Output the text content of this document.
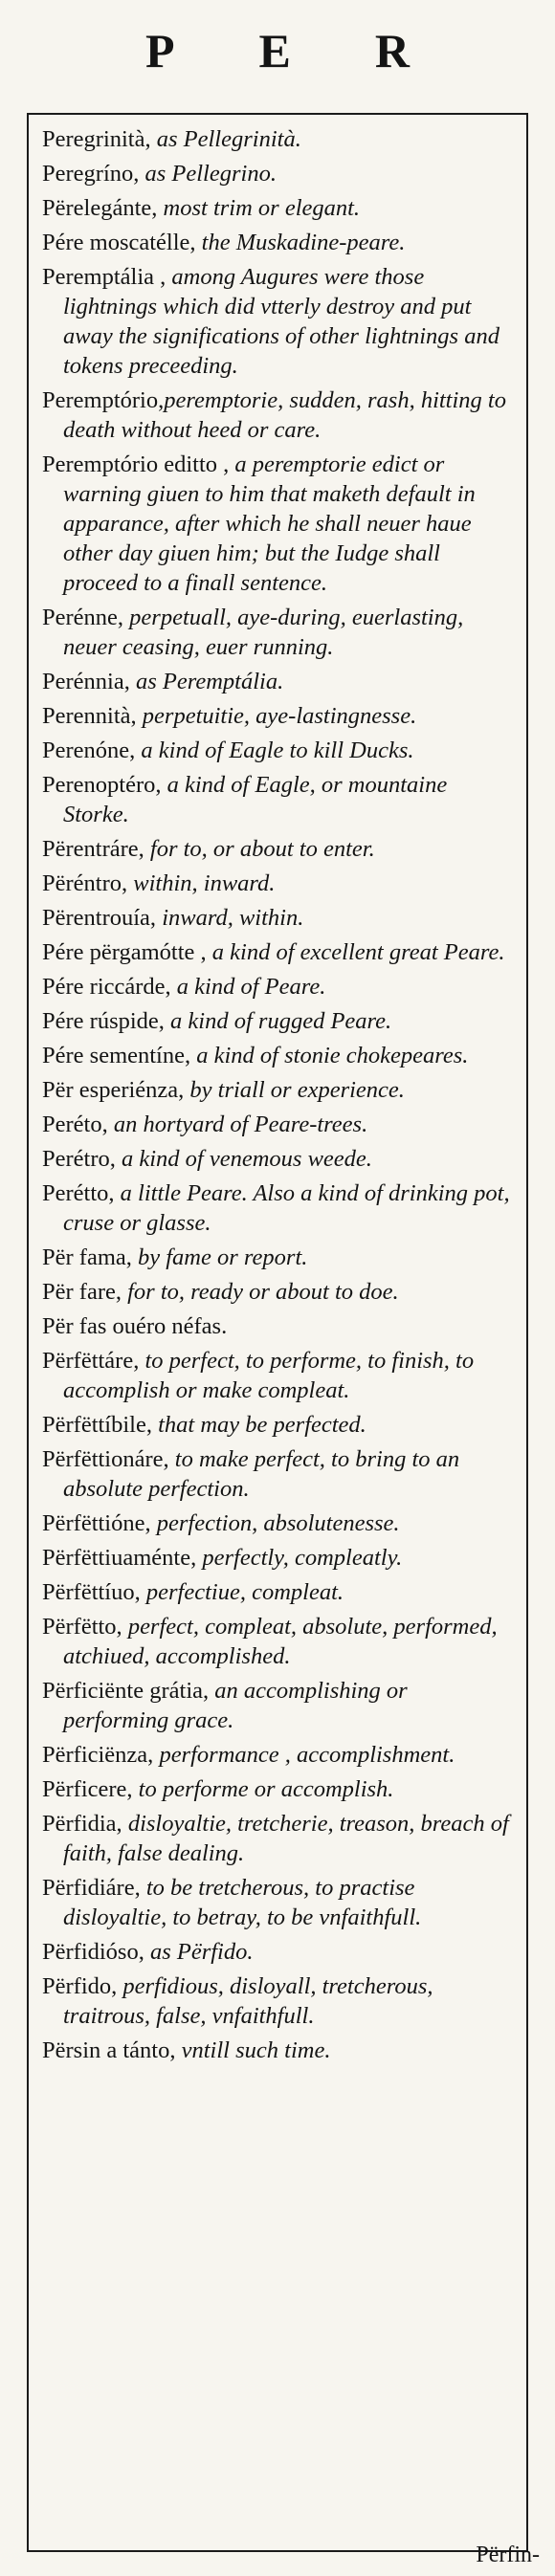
P E R
Peregrinità, as Pellegrinità.
Peregríno, as Pellegrino.
Përelegánte, most trim or elegant.
Pére moscatélle, the Muskadine-peare.
Peremptália , among Augures were those lightnings which did vtterly destroy and put away the significations of other lightnings and tokens preceeding.
Peremptório,peremptorie, sudden, rash, hitting to death without heed or care.
Peremptório editto , a peremptorie edict or warning giuen to him that maketh default in apparance, after which he shall neuer haue other day giuen him; but the Iudge shall proceed to a finall sentence.
Perénne, perpetuall, aye-during, euerlasting, neuer ceasing, euer running.
Perénnia, as Peremptália.
Perennità, perpetuitie, aye-lastingnesse.
Perenóne, a kind of Eagle to kill Ducks.
Perenoptéro, a kind of Eagle, or mountaine Storke.
Përentráre, for to, or about to enter.
Përéntro, within, inward.
Përentrouía, inward, within.
Pére përgamótte , a kind of excellent great Peare.
Pére riccárde, a kind of Peare.
Pére rúspide, a kind of rugged Peare.
Pére sementíne, a kind of stonie chokepeares.
Për esperiénza, by triall or experience.
Peréto, an hortyard of Peare-trees.
Perétro, a kind of venemous weede.
Perétto, a little Peare. Also a kind of drinking pot, cruse or glasse.
Për fama, by fame or report.
Për fare, for to, ready or about to doe.
Për fas ouéro néfas.
Përfëttáre, to perfect, to performe, to finish, to accomplish or make compleat.
Përfëttíbile, that may be perfected.
Përfëttionáre, to make perfect, to bring to an absolute perfection.
Përfëttióne, perfection, absolutenesse.
Përfëttiuaménte, perfectly, compleatly.
Përfëttíuo, perfectiue, compleat.
Përfëtto, perfect, compleat, absolute, performed, atchiued, accomplished.
Përficiënte grátia, an accomplishing or performing grace.
Përficiënza, performance , accomplishment.
Përficere, to performe or accomplish.
Përfidia, disloyaltie, tretcherie, treason, breach of faith, false dealing.
Përfidiáre, to be tretcherous, to practise disloyaltie, to betray, to be vnfaithfull.
Përfidióso, as Përfido.
Përfido, perfidious, disloyall, tretcherous, traitrous, false, vnfaithfull.
Përsin a tánto, vntill such time.
Përfin-
